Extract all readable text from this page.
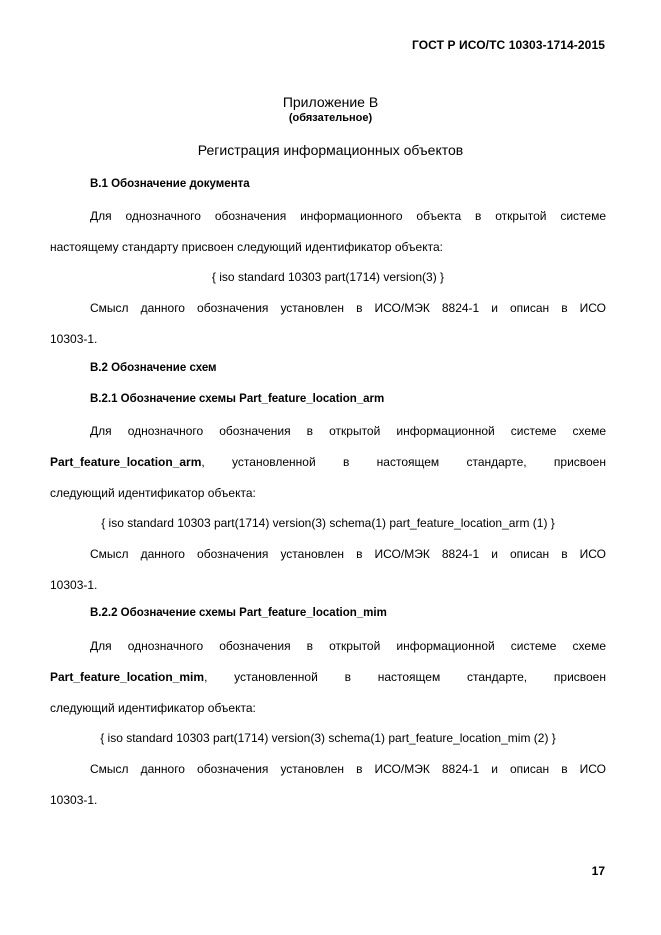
ГОСТ Р ИСО/ТС 10303-1714-2015
Приложение В
(обязательное)
Регистрация информационных объектов
В.1 Обозначение документа
Для однозначного обозначения информационного объекта в открытой системе
настоящему стандарту присвоен следующий идентификатор объекта:
{ iso standard 10303 part(1714) version(3) }
Смысл данного обозначения установлен в ИСО/МЭК 8824-1 и описан в ИСО
10303-1.
В.2 Обозначение схем
В.2.1 Обозначение схемы Part_feature_location_arm
Для однозначного обозначения в открытой информационной системе схеме
Part_feature_location_arm, установленной в настоящем стандарте, присвоен
следующий идентификатор объекта:
{ iso standard 10303 part(1714) version(3) schema(1) part_feature_location_arm (1) }
Смысл данного обозначения установлен в ИСО/МЭК 8824-1 и описан в ИСО
10303-1.
В.2.2 Обозначение схемы Part_feature_location_mim
Для однозначного обозначения в открытой информационной системе схеме
Part_feature_location_mim, установленной в настоящем стандарте, присвоен
следующий идентификатор объекта:
{ iso standard 10303 part(1714) version(3) schema(1) part_feature_location_mim (2) }
Смысл данного обозначения установлен в ИСО/МЭК 8824-1 и описан в ИСО
10303-1.
17
